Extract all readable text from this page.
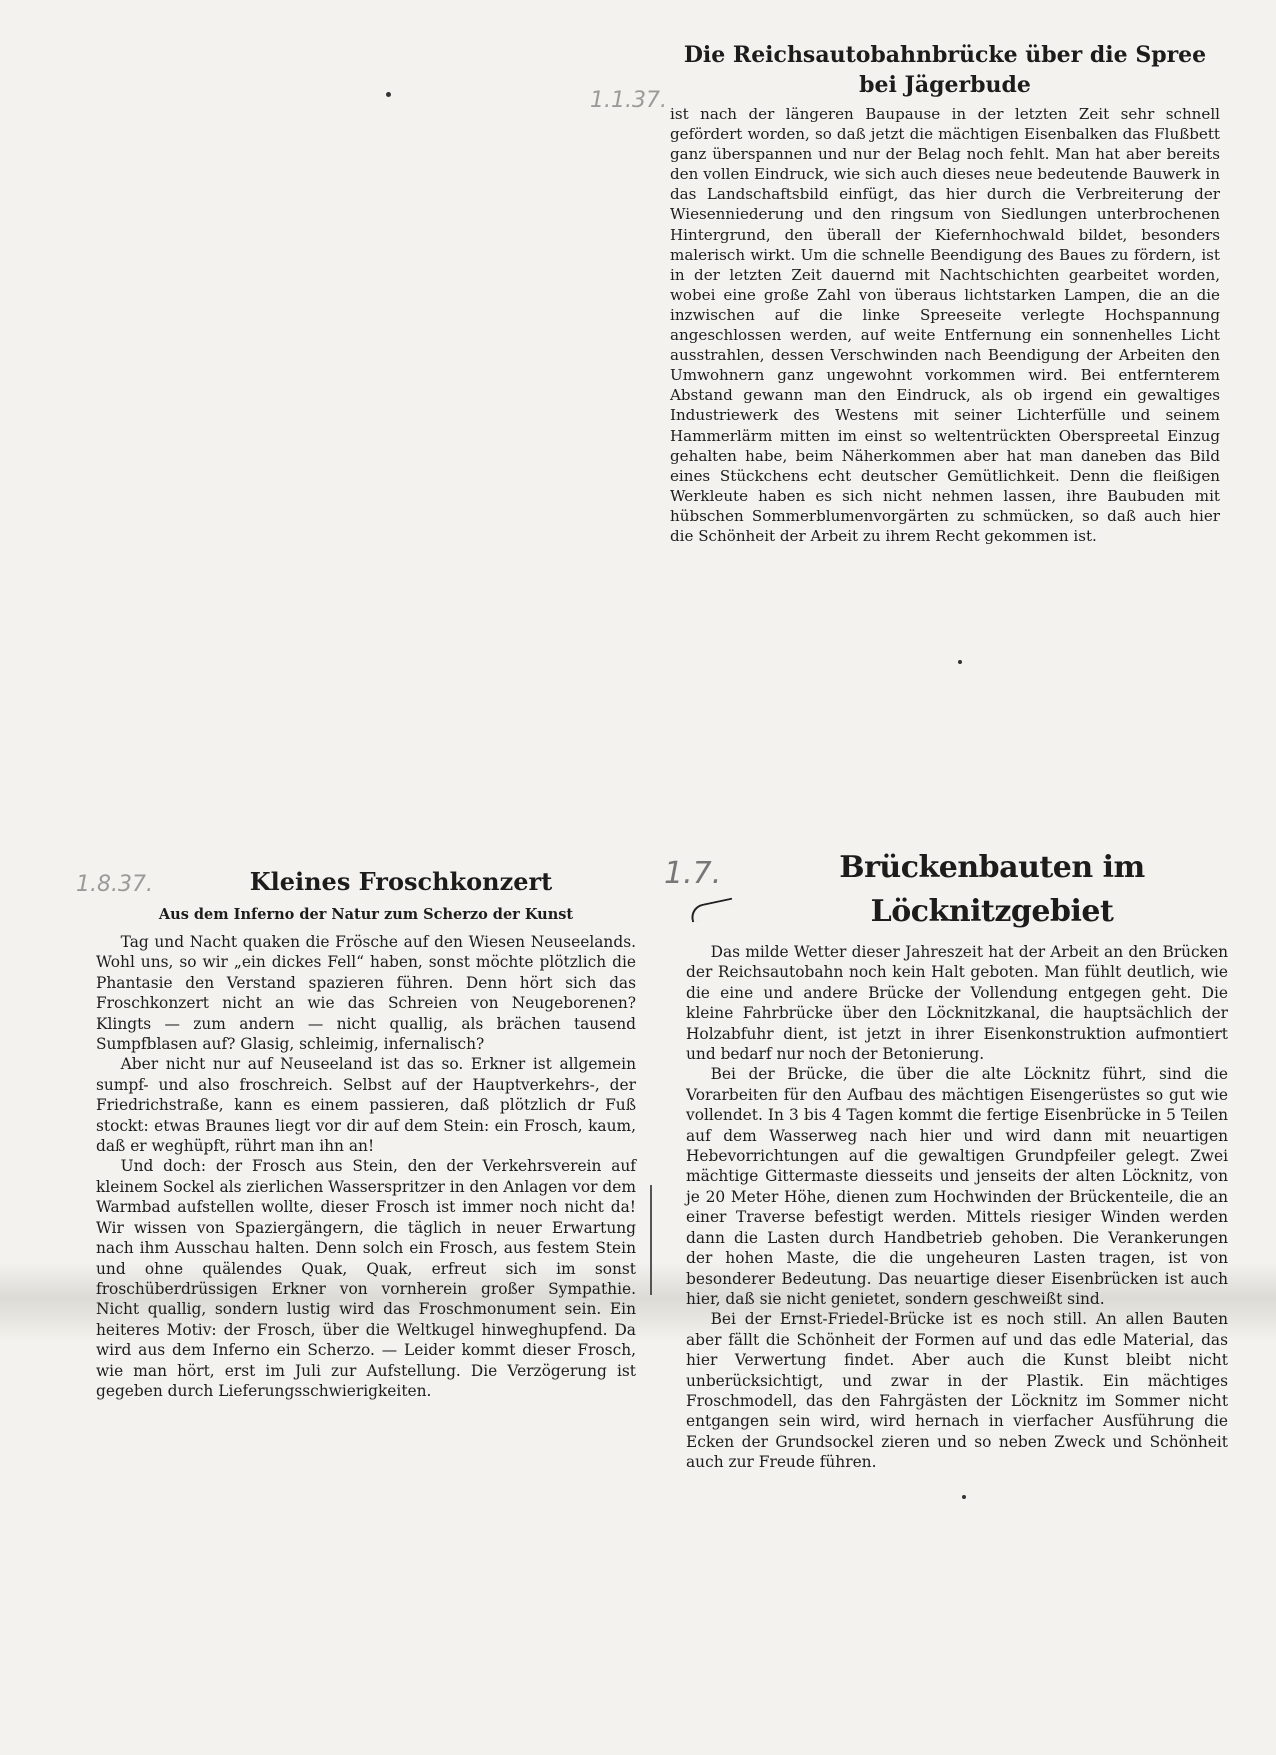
1.1.37.
Die Reichsautobahnbrücke über die Spree
bei Jägerbude

ist nach der längeren Baupause in der letzten Zeit sehr schnell gefördert worden, so daß jetzt die mächtigen Eisenbalken das Flußbett ganz überspannen und nur der Belag noch fehlt. Man hat aber bereits den vollen Eindruck, wie sich auch dieses neue bedeutende Bauwerk in das Landschaftsbild einfügt, das hier durch die Verbreiterung der Wiesenniederung und den ringsum von Siedlungen unterbrochenen Hintergrund, den überall der Kiefernhochwald bildet, besonders malerisch wirkt. Um die schnelle Beendigung des Baues zu fördern, ist in der letzten Zeit dauernd mit Nachtschichten gearbeitet worden, wobei eine große Zahl von überaus lichtstarken Lampen, die an die inzwischen auf die linke Spreeseite verlegte Hochspannung angeschlossen werden, auf weite Entfernung ein sonnenhelles Licht ausstrahlen, dessen Verschwinden nach Beendigung der Arbeiten den Umwohnern ganz ungewohnt vorkommen wird. Bei entfernterem Abstand gewann man den Eindruck, als ob irgend ein gewaltiges Industriewerk des Westens mit seiner Lichterfülle und seinem Hammerlärm mitten im einst so weltentrückten Oberspreetal Einzug gehalten habe, beim Näherkommen aber hat man daneben das Bild eines Stückchens echt deutscher Gemütlichkeit. Denn die fleißigen Werkleute haben es sich nicht nehmen lassen, ihre Baubuden mit hübschen Sommerblumenvorgärten zu schmücken, so daß auch hier die Schönheit der Arbeit zu ihrem Recht gekommen ist.

1.8.37.	Kleines Froschkonzert
Aus dem Inferno der Natur zum Scherzo der Kunst

Tag und Nacht quaken die Frösche auf den Wiesen Neuseelands. Wohl uns, so wir „ein dickes Fell“ haben, sonst möchte plötzlich die Phantasie den Verstand spazieren führen. Denn hört sich das Froschkonzert nicht an wie das Schreien von Neugeborenen? Klingts — zum andern — nicht quallig, als brächen tausend Sumpfblasen auf? Glasig, schleimig, infernalisch?

Aber nicht nur auf Neuseeland ist das so. Erkner ist allgemein sumpf- und also froschreich. Selbst auf der Hauptverkehrs-, der Friedrichstraße, kann es einem passieren, daß plötzlich dr Fuß stockt: etwas Braunes liegt vor dir auf dem Stein: ein Frosch, kaum, daß er weghüpft, rührt man ihn an!

Und doch: der Frosch aus Stein, den der Verkehrsverein auf kleinem Sockel als zierlichen Wasserspritzer in den Anlagen vor dem Warmbad aufstellen wollte, dieser Frosch ist immer noch nicht da! Wir wissen von Spaziergängern, die täglich in neuer Erwartung nach ihm Ausschau halten. Denn solch ein Frosch, aus festem Stein und ohne quälendes Quak, Quak, erfreut sich im sonst froschüberdrüssigen Erkner von vornherein großer Sympathie. Nicht quallig, sondern lustig wird das Froschmonument sein. Ein heiteres Motiv: der Frosch, über die Weltkugel hinweghupfend. Da wird aus dem Inferno ein Scherzo. — Leider kommt dieser Frosch, wie man hört, erst im Juli zur Aufstellung. Die Verzögerung ist gegeben durch Lieferungsschwierigkeiten.

1.7.	Brückenbauten im Löcknitzgebiet

Das milde Wetter dieser Jahreszeit hat der Arbeit an den Brücken der Reichsautobahn noch kein Halt geboten. Man fühlt deutlich, wie die eine und andere Brücke der Vollendung entgegen geht. Die kleine Fahrbrücke über den Löcknitzkanal, die hauptsächlich der Holzabfuhr dient, ist jetzt in ihrer Eisenkonstruktion aufmontiert und bedarf nur noch der Betonierung.

Bei der Brücke, die über die alte Löcknitz führt, sind die Vorarbeiten für den Aufbau des mächtigen Eisengerüstes so gut wie vollendet. In 3 bis 4 Tagen kommt die fertige Eisenbrücke in 5 Teilen auf dem Wasserweg nach hier und wird dann mit neuartigen Hebevorrichtungen auf die gewaltigen Grundpfeiler gelegt. Zwei mächtige Gittermaste diesseits und jenseits der alten Löcknitz, von je 20 Meter Höhe, dienen zum Hochwinden der Brückenteile, die an einer Traverse befestigt werden. Mittels riesiger Winden werden dann die Lasten durch Handbetrieb gehoben. Die Verankerungen der hohen Maste, die die ungeheuren Lasten tragen, ist von besonderer Bedeutung. Das neuartige dieser Eisenbrücken ist auch hier, daß sie nicht genietet, sondern geschweißt sind.

Bei der Ernst-Friedel-Brücke ist es noch still. An allen Bauten aber fällt die Schönheit der Formen auf und das edle Material, das hier Verwertung findet. Aber auch die Kunst bleibt nicht unberücksichtigt, und zwar in der Plastik. Ein mächtiges Froschmodell, das den Fahrgästen der Löcknitz im Sommer nicht entgangen sein wird, wird hernach in vierfacher Ausführung die Ecken der Grundsockel zieren und so neben Zweck und Schönheit auch zur Freude führen.
